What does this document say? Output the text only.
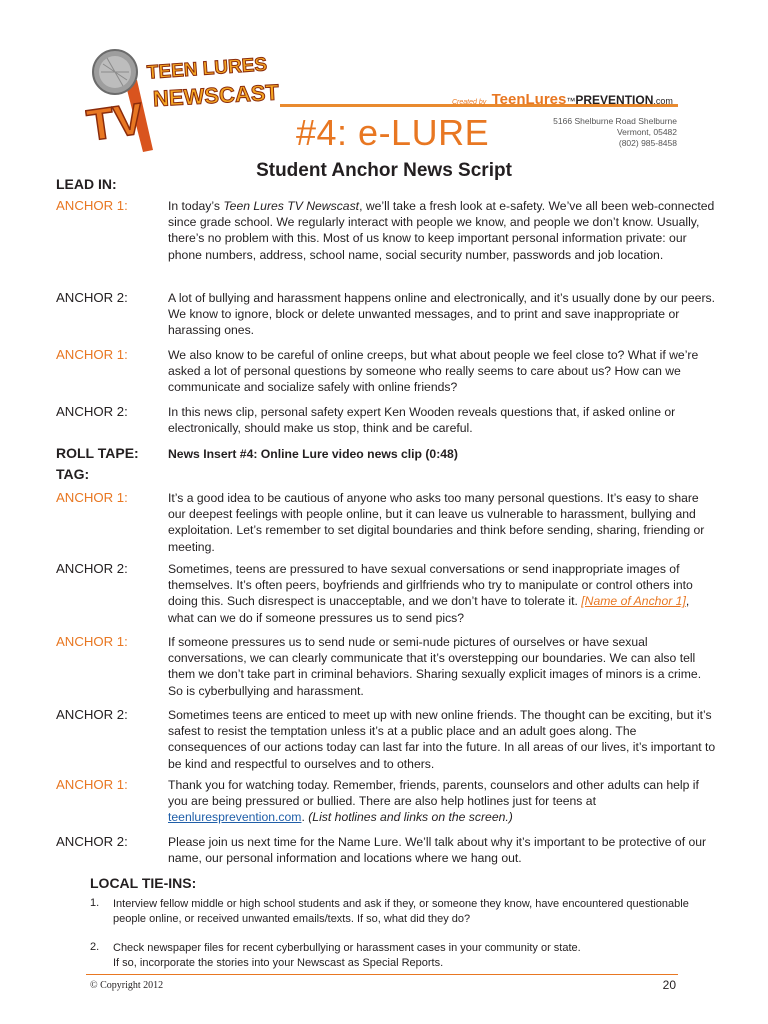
TV
TEEN LURES
NEWSCAST
#4: e-LURE
Student Anchor News Script
Created by TeenLures™PREVENTION.com
5166 Shelburne Road Shelburne
Vermont, 05482
(802) 985-8458
LEAD IN:
ANCHOR 1:	In today’s Teen Lures TV Newscast, we’ll take a fresh look at e-safety. We’ve all been web-connected since grade school. We regularly interact with people we know, and people we don’t know. Usually, there’s no problem with this. Most of us know to keep important personal information private: our phone numbers, address, school name, social security number, passwords and job location.
ANCHOR 2:	A lot of bullying and harassment happens online and electronically, and it’s usually done by our peers. We know to ignore, block or delete unwanted messages, and to print and save inappropriate or harassing ones.
ANCHOR 1:	We also know to be careful of online creeps, but what about people we feel close to? What if we’re asked a lot of personal questions by someone who really seems to care about us? How can we communicate and socialize safely with online friends?
ANCHOR 2:	In this news clip, personal safety expert Ken Wooden reveals questions that, if asked online or electronically, should make us stop, think and be careful.
ROLL TAPE: News Insert #4: Online Lure video news clip (0:48)
TAG:
ANCHOR 1:	It’s a good idea to be cautious of anyone who asks too many personal questions. It’s easy to share our deepest feelings with people online, but it can leave us vulnerable to harassment, bullying and exploitation. Let’s remember to set digital boundaries and think before sending, sharing, friending or meeting.
ANCHOR 2:	Sometimes, teens are pressured to have sexual conversations or send inappropriate images of themselves. It’s often peers, boyfriends and girlfriends who try to manipulate or control others into doing this. Such disrespect is unacceptable, and we don’t have to tolerate it. [Name of Anchor 1], what can we do if someone pressures us to send pics?
ANCHOR 1:	If someone pressures us to send nude or semi-nude pictures of ourselves or have sexual conversations, we can clearly communicate that it’s overstepping our boundaries. We can also tell them we don’t take part in criminal behaviors. Sharing sexually explicit images of minors is a crime. So is cyberbullying and harassment.
ANCHOR 2:	Sometimes teens are enticed to meet up with new online friends. The thought can be exciting, but it’s safest to resist the temptation unless it’s at a public place and an adult goes along. The consequences of our actions today can last far into the future. In all areas of our lives, it’s important to be kind and respectful to ourselves and to others.
ANCHOR 1:	Thank you for watching today. Remember, friends, parents, counselors and other adults can help if you are being pressured or bullied. There are also help hotlines just for teens at teenluresprevention.com. (List hotlines and links on the screen.)
ANCHOR 2:	Please join us next time for the Name Lure. We’ll talk about why it’s important to be protective of our name, our personal information and locations where we hang out.
LOCAL TIE-INS:
1. Interview fellow middle or high school students and ask if they, or someone they know, have encountered questionable people online, or received unwanted emails/texts. If so, what did they do?
2. Check newspaper files for recent cyberbullying or harassment cases in your community or state.
If so, incorporate the stories into your Newscast as Special Reports.
© Copyright 2012	20
